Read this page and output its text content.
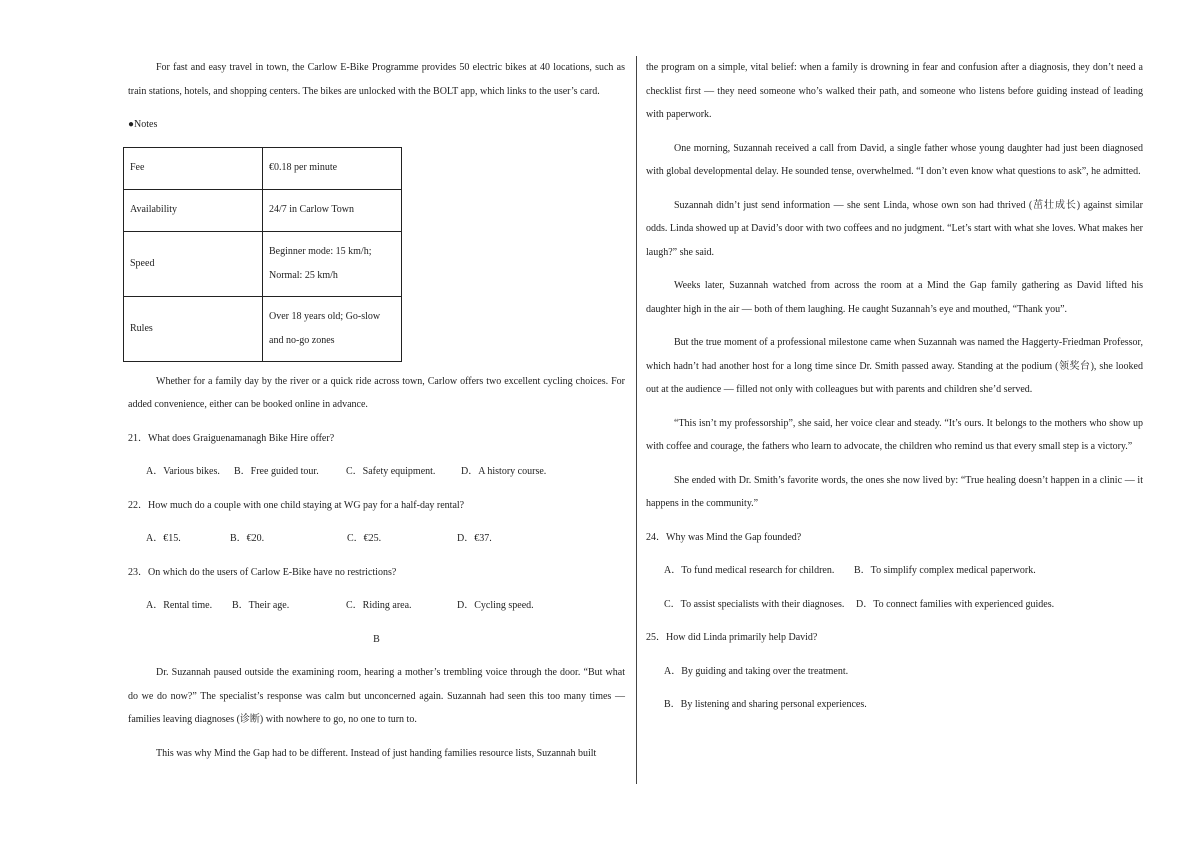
For fast and easy travel in town, the Carlow E-Bike Programme provides 50 electric bikes at 40 locations, such as train stations, hotels, and shopping centers. The bikes are unlocked with the BOLT app, which links to the user’s card.

●Notes

Fee	€0.18 per minute
Availability	24/7 in Carlow Town
Speed	Beginner mode: 15 km/h; Normal: 25 km/h
Rules	Over 18 years old; Go-slow and no-go zones

Whether for a family day by the river or a quick ride across town, Carlow offers two excellent cycling choices. For added convenience, either can be booked online in advance.

21．What does Graiguenamanagh Bike Hire offer?

A．Various bikes.	B．Free guided tour.	C．Safety equipment.	D．A history course.

22．How much do a couple with one child staying at WG pay for a half-day rental?

A．€15.	B．€20.	C．€25.	D．€37.

23．On which do the users of Carlow E-Bike have no restrictions?

A．Rental time.	B．Their age.	C．Riding area.	D．Cycling speed.

B

Dr. Suzannah paused outside the examining room, hearing a mother’s trembling voice through the door. “But what do we do now?” The specialist’s response was calm but unconcerned again. Suzannah had seen this too many times — families leaving diagnoses (诊断) with nowhere to go, no one to turn to.

This was why Mind the Gap had to be different. Instead of just handing families resource lists, Suzannah built

the program on a simple, vital belief: when a family is drowning in fear and confusion after a diagnosis, they don’t need a checklist first — they need someone who’s walked their path, and someone who listens before guiding instead of leading with paperwork.

One morning, Suzannah received a call from David, a single father whose young daughter had just been diagnosed with global developmental delay. He sounded tense, overwhelmed. “I don’t even know what questions to ask”, he admitted.

Suzannah didn’t just send information — she sent Linda, whose own son had thrived (茁壮成长) against similar odds. Linda showed up at David’s door with two coffees and no judgment. “Let’s start with what she loves. What makes her laugh?” she said.

Weeks later, Suzannah watched from across the room at a Mind the Gap family gathering as David lifted his daughter high in the air — both of them laughing. He caught Suzannah’s eye and mouthed, “Thank you”.

But the true moment of a professional milestone came when Suzannah was named the Haggerty-Friedman Professor, which hadn’t had another host for a long time since Dr. Smith passed away. Standing at the podium (领奖台), she looked out at the audience — filled not only with colleagues but with parents and children she’d served.

“This isn’t my professorship”, she said, her voice clear and steady. “It’s ours. It belongs to the mothers who show up with coffee and courage, the fathers who learn to advocate, the children who remind us that every small step is a victory.”

She ended with Dr. Smith’s favorite words, the ones she now lived by: “True healing doesn’t happen in a clinic — it happens in the community.”

24．Why was Mind the Gap founded?

A．To fund medical research for children.	B．To simplify complex medical paperwork.
C．To assist specialists with their diagnoses.	D．To connect families with experienced guides.

25．How did Linda primarily help David?

A．By guiding and taking over the treatment.
B．By listening and sharing personal experiences.
